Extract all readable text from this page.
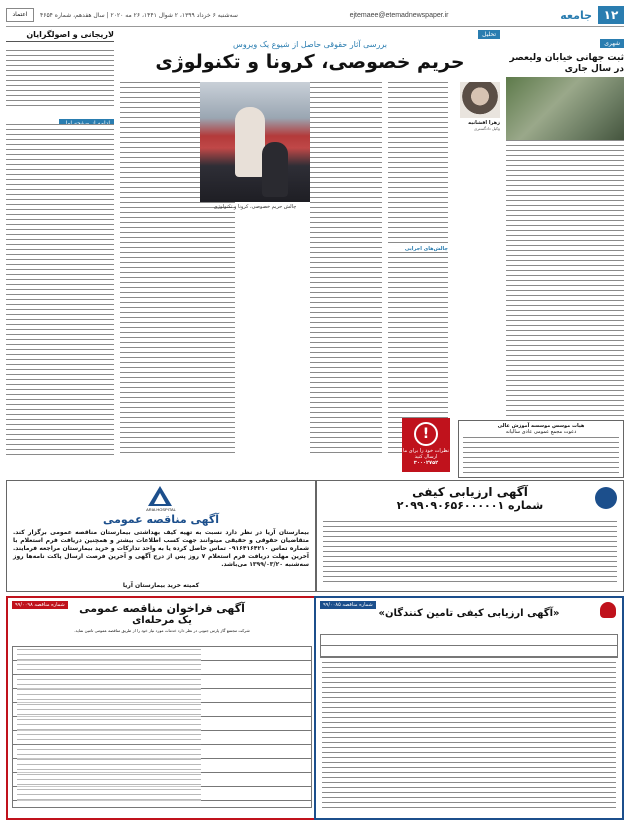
۱۲
جامعه
ejtemaee@etemadnewspaper.ir
سه‌شنبه ۶ خرداد ۱۳۹۹، ۲ شوال ۱۴۴۱، ۲۶ مه ۲۰۲۰ | سال هفدهم، شماره ۴۶۵۴
اعتماد
شهری
ثبت جهانی خیابان ولیعصر در سال جاری
لاریجانی و اصولگرایان	تحلیل
بررسی آثار حقوقی حاصل از شیوع یک ویروس
حریم خصوصی، کرونا و تکنولوژی
زهرا افشانیه
وکیل دادگستری
چالش حریم خصوصی، کرونا و تکنولوژی
چالش‌های اجرایی
!
نظرات خود را برای ما ارسال کنید
۳۰۰۰۲۷۵۲
هیات موسس موسسه آموزش عالی
دعوت مجمع عمومی عادی سالیانه
آگهی ارزیابی کیفی
شماره ۲۰۹۹۰۹۰۶۵۶۰۰۰۰۰۱
ARIA HOSPITAL
آگهی مناقصه عمومی
بیمارستان آریا در نظر دارد نسبت به تهیه کیف بهداشتی بیمارستان مناقصه عمومی برگزار کند. متقاضیان حقوقی و حقیقی میتوانند جهت کسب اطلاعات بیشتر و همچنین دریافت فرم استعلام با شماره تماس ۰۹۱۶۴۱۶۴۲۱۰ تماس حاصل کرده یا به واحد تدارکات و خرید بیمارستان مراجعه فرمایند. آخرین مهلت دریافت فرم استعلام ۷ روز پس از درج آگهی و آخرین فرصت ارسال پاکت نامه‌ها روز سه‌شنبه ۱۳۹۹/۰۳/۲۰ می‌باشد.
کمیته خرید بیمارستان آریا
شماره مناقصه ۹۹/۰۰۹۸	آگهی فراخوان مناقصه عمومی
یک مرحله‌ای
شرکت مجتمع گاز پارس جنوبی در نظر دارد خدمات مورد نیاز خود را از طریق مناقصه عمومی تامین نماید.
شماره مناقصه ۹۹/۰۰۸۵
«آگهی ارزیابی کیفی تامین کنندگان»
